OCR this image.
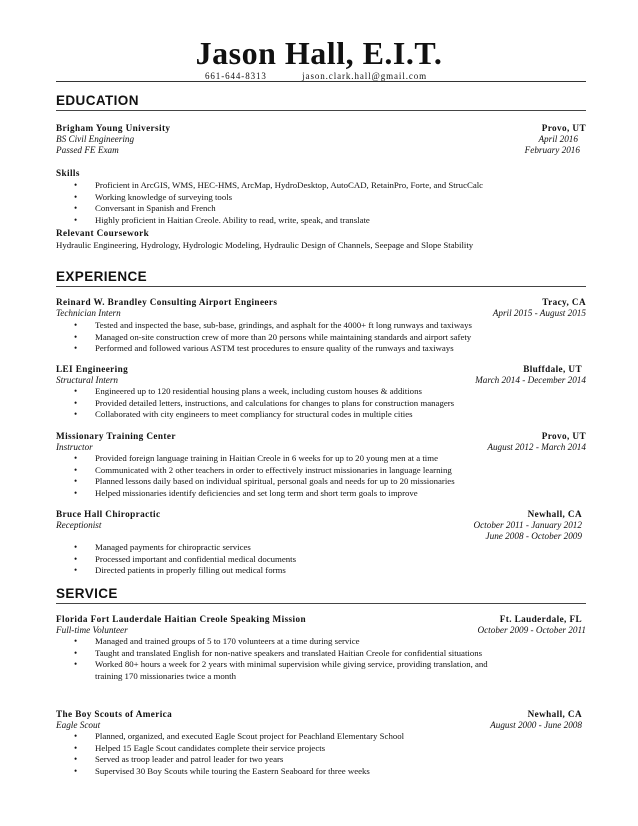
Jason Hall, E.I.T.
661-644-8313	jason.clark.hall@gmail.com
EDUCATION
Brigham Young University	Provo, UT
BS Civil Engineering	April 2016
Passed FE Exam	February 2016
Skills
• Proficient in ArcGIS, WMS, HEC-HMS, ArcMap, HydroDesktop, AutoCAD, RetainPro, Forte, and StrucCalc
• Working knowledge of surveying tools
• Conversant in Spanish and French
• Highly proficient in Haitian Creole. Ability to read, write, speak, and translate
Relevant Coursework
Hydraulic Engineering, Hydrology, Hydrologic Modeling, Hydraulic Design of Channels, Seepage and Slope Stability
EXPERIENCE
Reinard W. Brandley Consulting Airport Engineers	Tracy, CA
Technician Intern	April 2015 - August 2015
• Tested and inspected the base, sub-base, grindings, and asphalt for the 4000+ ft long runways and taxiways
• Managed on-site construction crew of more than 20 persons while maintaining standards and airport safety
• Performed and followed various ASTM test procedures to ensure quality of the runways and taxiways
LEI Engineering	Bluffdale, UT
Structural Intern	March 2014 - December 2014
• Engineered up to 120 residential housing plans a week, including custom houses & additions
• Provided detailed letters, instructions, and calculations for changes to plans for construction managers
• Collaborated with city engineers to meet compliancy for structural codes in multiple cities
Missionary Training Center	Provo, UT
Instructor	August 2012 - March 2014
• Provided foreign language training in Haitian Creole in 6 weeks for up to 20 young men at a time
• Communicated with 2 other teachers in order to effectively instruct missionaries in language learning
• Planned lessons daily based on individual spiritual, personal goals and needs for up to 20 missionaries
• Helped missionaries identify deficiencies and set long term and short term goals to improve
Bruce Hall Chiropractic	Newhall, CA
Receptionist	October 2011 - January 2012
June 2008 - October 2009
• Managed payments for chiropractic services
• Processed important and confidential medical documents
• Directed patients in properly filling out medical forms
SERVICE
Florida Fort Lauderdale Haitian Creole Speaking Mission	Ft. Lauderdale, FL
Full-time Volunteer	October 2009 - October 2011
• Managed and trained groups of 5 to 170 volunteers at a time during service
• Taught and translated English for non-native speakers and translated Haitian Creole for confidential situations
• Worked 80+ hours a week for 2 years with minimal supervision while giving service, providing translation, and
training 170 missionaries twice a month
The Boy Scouts of America	Newhall, CA
Eagle Scout	August 2000 - June 2008
• Planned, organized, and executed Eagle Scout project for Peachland Elementary School
• Helped 15 Eagle Scout candidates complete their service projects
• Served as troop leader and patrol leader for two years
• Supervised 30 Boy Scouts while touring the Eastern Seaboard for three weeks
